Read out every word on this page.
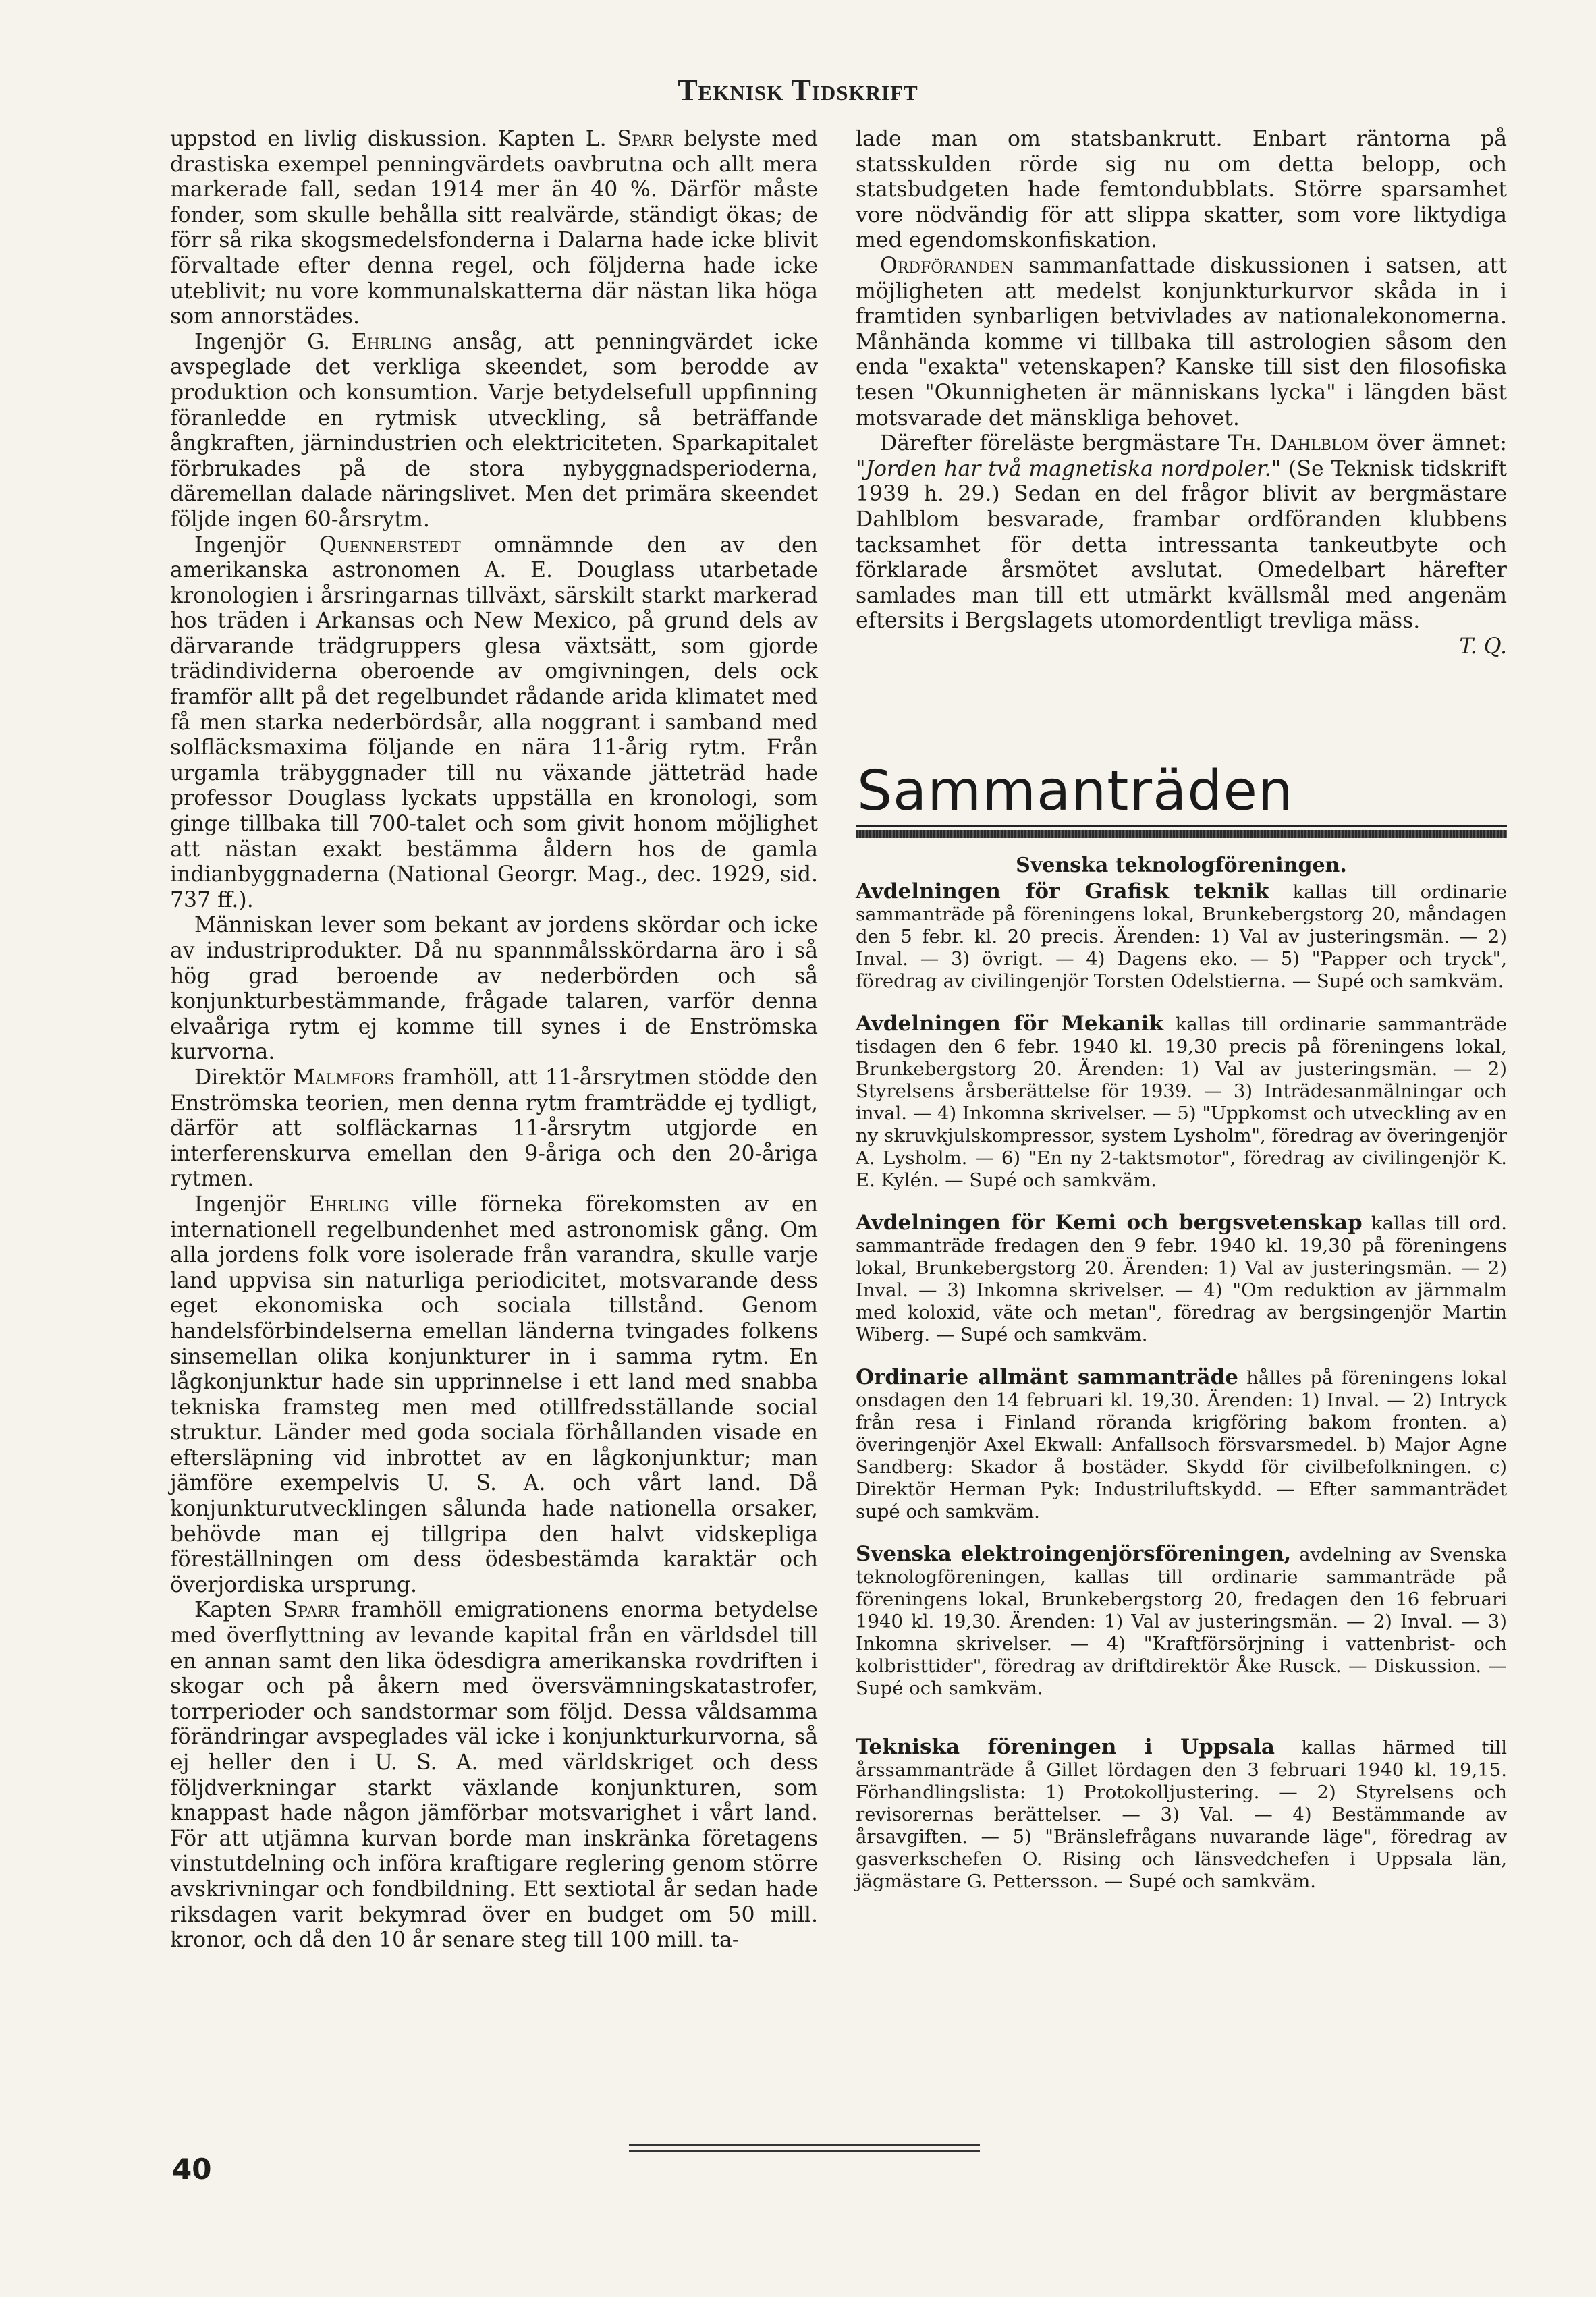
Teknisk Tidskrift

uppstod en livlig diskussion. Kapten L. Sparr belyste med drastiska exempel penningvärdets oavbrutna och allt mera markerade fall, sedan 1914 mer än 40 %. Därför måste fonder, som skulle behålla sitt realvärde, ständigt ökas; de förr så rika skogsmedelsfonderna i Dalarna hade icke blivit förvaltade efter denna regel, och följderna hade icke uteblivit; nu vore kommunalskatterna där nästan lika höga som annorstädes.

Ingenjör G. Ehrling ansåg, att penningvärdet icke avspeglade det verkliga skeendet, som berodde av produktion och konsumtion. Varje betydelsefull uppfinning föranledde en rytmisk utveckling, så beträffande ångkraften, järnindustrien och elektriciteten. Sparkapitalet förbrukades på de stora nybyggnadsperioderna, däremellan dalade näringslivet. Men det primära skeendet följde ingen 60-årsrytm.

Ingenjör Quennerstedt omnämnde den av den amerikanska astronomen A. E. Douglass utarbetade kronologien i årsringarnas tillväxt, särskilt starkt markerad hos träden i Arkansas och New Mexico, på grund dels av därvarande trädgruppers glesa växtsätt, som gjorde trädindividerna oberoende av omgivningen, dels ock framför allt på det regelbundet rådande arida klimatet med få men starka nederbördsår, alla noggrant i samband med solfläcksmaxima följande en nära 11-årig rytm. Från urgamla träbyggnader till nu växande jätteträd hade professor Douglass lyckats uppställa en kronologi, som ginge tillbaka till 700-talet och som givit honom möjlighet att nästan exakt bestämma åldern hos de gamla indianbyggnaderna (National Georgr. Mag., dec. 1929, sid. 737 ff.).

Människan lever som bekant av jordens skördar och icke av industriprodukter. Då nu spannmålsskördarna äro i så hög grad beroende av nederbörden och så konjunkturbestämmande, frågade talaren, varför denna elvaåriga rytm ej komme till synes i de Enströmska kurvorna.

Direktör Malmfors framhöll, att 11-årsrytmen stödde den Enströmska teorien, men denna rytm framträdde ej tydligt, därför att solfläckarnas 11-årsrytm utgjorde en interferenskurva emellan den 9-åriga och den 20-åriga rytmen.

Ingenjör Ehrling ville förneka förekomsten av en internationell regelbundenhet med astronomisk gång. Om alla jordens folk vore isolerade från varandra, skulle varje land uppvisa sin naturliga periodicitet, motsvarande dess eget ekonomiska och sociala tillstånd. Genom handelsförbindelserna emellan länderna tvingades folkens sinsemellan olika konjunkturer in i samma rytm. En lågkonjunktur hade sin upprinnelse i ett land med snabba tekniska framsteg men med otillfredsställande social struktur. Länder med goda sociala förhållanden visade en eftersläpning vid inbrottet av en lågkonjunktur; man jämföre exempelvis U. S. A. och vårt land. Då konjunkturutvecklingen sålunda hade nationella orsaker, behövde man ej tillgripa den halvt vidskepliga föreställningen om dess ödesbestämda karaktär och överjordiska ursprung.

Kapten Sparr framhöll emigrationens enorma betydelse med överflyttning av levande kapital från en världsdel till en annan samt den lika ödesdigra amerikanska rovdriften i skogar och på åkern med översvämningskatastrofer, torrperioder och sandstormar som följd. Dessa våldsamma förändringar avspeglades väl icke i konjunkturkurvorna, så ej heller den i U. S. A. med världskriget och dess följdverkningar starkt växlande konjunkturen, som knappast hade någon jämförbar motsvarighet i vårt land. För att utjämna kurvan borde man inskränka företagens vinstutdelning och införa kraftigare reglering genom större avskrivningar och fondbildning. Ett sextiotal år sedan hade riksdagen varit bekymrad över en budget om 50 mill. kronor, och då den 10 år senare steg till 100 mill. ta-

lade man om statsbankrutt. Enbart räntorna på statsskulden rörde sig nu om detta belopp, och statsbudgeten hade femtondubblats. Större sparsamhet vore nödvändig för att slippa skatter, som vore liktydiga med egendomskonfiskation.

Ordföranden sammanfattade diskussionen i satsen, att möjligheten att medelst konjunkturkurvor skåda in i framtiden synbarligen betvivlades av nationalekonomerna. Månhända komme vi tillbaka till astrologien såsom den enda "exakta" vetenskapen? Kanske till sist den filosofiska tesen "Okunnigheten är människans lycka" i längden bäst motsvarade det mänskliga behovet.

Därefter föreläste bergmästare Th. Dahlblom över ämnet: "Jorden har två magnetiska nordpoler." (Se Teknisk tidskrift 1939 h. 29.) Sedan en del frågor blivit av bergmästare Dahlblom besvarade, frambar ordföranden klubbens tacksamhet för detta intressanta tankeutbyte och förklarade årsmötet avslutat. Omedelbart härefter samlades man till ett utmärkt kvällsmål med angenäm eftersits i Bergslagets utomordentligt trevliga mäss.

T. Q.
Sammanträden
Svenska teknologföreningen.

Avdelningen för Grafisk teknik kallas till ordinarie sammanträde på föreningens lokal, Brunkebergstorg 20, måndagen den 5 febr. kl. 20 precis. Ärenden: 1) Val av justeringsmän. — 2) Inval. — 3) övrigt. — 4) Dagens eko. — 5) "Papper och tryck", föredrag av civilingenjör Torsten Odelstierna. — Supé och samkväm.

Avdelningen för Mekanik kallas till ordinarie sammanträde tisdagen den 6 febr. 1940 kl. 19,30 precis på föreningens lokal, Brunkebergstorg 20. Ärenden: 1) Val av justeringsmän. — 2) Styrelsens årsberättelse för 1939. — 3) Inträdesanmälningar och inval. — 4) Inkomna skrivelser. — 5) "Uppkomst och utveckling av en ny skruvkjulskompressor, system Lysholm", föredrag av överingenjör A. Lysholm. — 6) "En ny 2-taktsmotor", föredrag av civilingenjör K. E. Kylén. — Supé och samkväm.

Avdelningen för Kemi och bergsvetenskap kallas till ord. sammanträde fredagen den 9 febr. 1940 kl. 19,30 på föreningens lokal, Brunkebergstorg 20. Ärenden: 1) Val av justeringsmän. — 2) Inval. — 3) Inkomna skrivelser. — 4) "Om reduktion av järnmalm med koloxid, väte och metan", föredrag av bergsingenjör Martin Wiberg. — Supé och samkväm.

Ordinarie allmänt sammanträde hålles på föreningens lokal onsdagen den 14 februari kl. 19,30. Ärenden: 1) Inval. — 2) Intryck från resa i Finland röranda krigföring bakom fronten. a) överingenjör Axel Ekwall: Anfallsoch försvarsmedel. b) Major Agne Sandberg: Skador å bostäder. Skydd för civilbefolkningen. c) Direktör Herman Pyk: Industriluftskydd. — Efter sammanträdet supé och samkväm.

Svenska elektroingenjörsföreningen, avdelning av Svenska teknologföreningen, kallas till ordinarie sammanträde på föreningens lokal, Brunkebergstorg 20, fredagen den 16 februari 1940 kl. 19,30. Ärenden: 1) Val av justeringsmän. — 2) Inval. — 3) Inkomna skrivelser. — 4) "Kraftförsörjning i vattenbrist- och kolbristtider", föredrag av driftdirektör Åke Rusck. — Diskussion. — Supé och samkväm.

Tekniska föreningen i Uppsala kallas härmed till årssammanträde å Gillet lördagen den 3 februari 1940 kl. 19,15. Förhandlingslista: 1) Protokolljustering. — 2) Styrelsens och revisorernas berättelser. — 3) Val. — 4) Bestämmande av årsavgiften. — 5) "Bränslefrågans nuvarande läge", föredrag av gasverkschefen O. Rising och länsvedchefen i Uppsala län, jägmästare G. Pettersson. — Supé och samkväm.

40
